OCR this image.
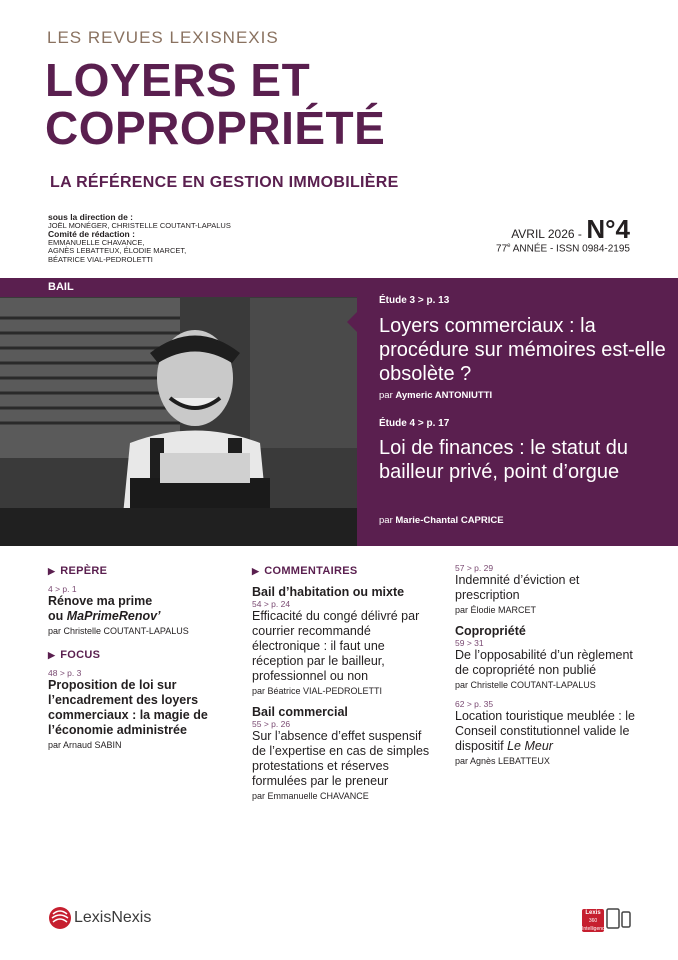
LES REVUES LEXISNEXIS
LOYERS ET
COPROPRIÉTÉ
LA RÉFÉRENCE EN GESTION IMMOBILIÈRE
sous la direction de :
JOËL MONÉGER, CHRISTELLE COUTANT-LAPALUS
Comité de rédaction :
EMMANUELLE CHAVANCE,
AGNÈS LEBATTEUX, ÉLODIE MARCET,
BÉATRICE VIAL-PEDROLETTI
AVRIL 2026 - N°4
77e ANNÉE - ISSN 0984-2195
BAIL
Étude 3 > p. 13
Loyers commerciaux : la procédure sur mémoires est-elle obsolète ?
par Aymeric ANTONIUTTI
Étude 4 > p. 17
Loi de finances : le statut du bailleur privé, point d’orgue
par Marie-Chantal CAPRICE
▶ REPÈRE
4 > p. 1
Rénove ma prime
ou MaPrimeRenov’
par Christelle COUTANT-LAPALUS
▶ FOCUS
48 > p. 3
Proposition de loi sur l’encadrement des loyers commerciaux : la magie de l’économie administrée
par Arnaud SABIN
▶ COMMENTAIRES
Bail d’habitation ou mixte
54 > p. 24
Efficacité du congé délivré par courrier recommandé électronique : il faut une réception par le bailleur, professionnel ou non
par Béatrice VIAL-PEDROLETTI
Bail commercial
55 > p. 26
Sur l’absence d’effet suspensif de l’expertise en cas de simples protestations et réserves formulées par le preneur
par Emmanuelle CHAVANCE
57 > p. 29
Indemnité d’éviction et prescription
par Élodie MARCET
Copropriété
59 > 31
De l’opposabilité d’un règlement de copropriété non publié
par Christelle COUTANT-LAPALUS
62 > p. 35
Location touristique meublée : le Conseil constitutionnel valide le dispositif Le Meur
par Agnès LEBATTEUX
LexisNexis	Lexis
360
Intelligence
